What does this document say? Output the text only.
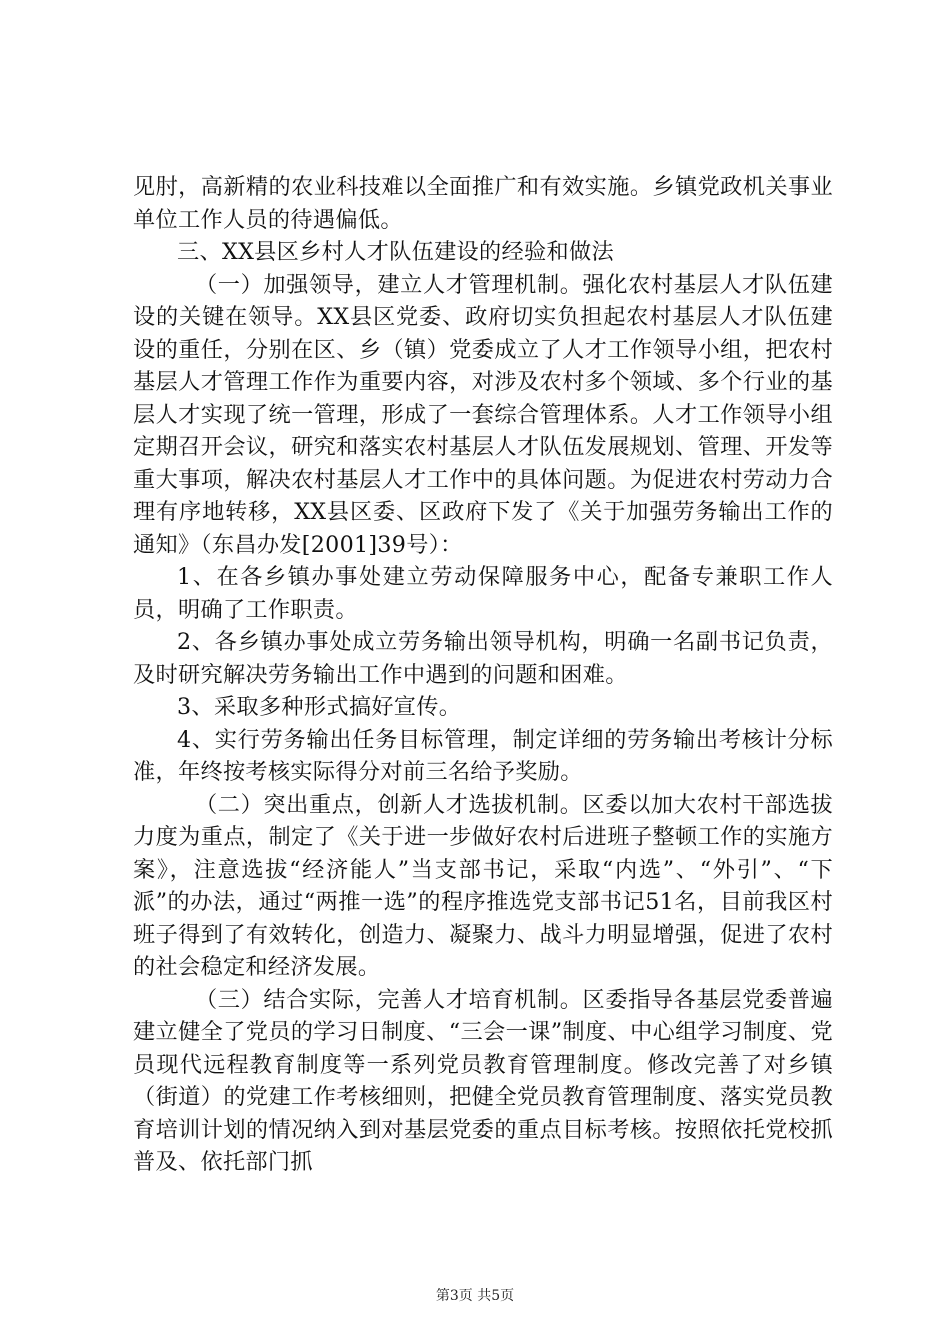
见肘，高新精的农业科技难以全面推广和有效实施。乡镇党政机关事业单位工作人员的待遇偏低。

三、XX县区乡村人才队伍建设的经验和做法

（一）加强领导，建立人才管理机制。强化农村基层人才队伍建设的关键在领导。XX县区党委、政府切实负担起农村基层人才队伍建设的重任，分别在区、乡（镇）党委成立了人才工作领导小组，把农村基层人才管理工作作为重要内容，对涉及农村多个领域、多个行业的基层人才实现了统一管理，形成了一套综合管理体系。人才工作领导小组定期召开会议，研究和落实农村基层人才队伍发展规划、管理、开发等重大事项，解决农村基层人才工作中的具体问题。为促进农村劳动力合理有序地转移，XX县区委、区政府下发了《关于加强劳务输出工作的通知》（东昌办发[2001]39号）：

1、在各乡镇办事处建立劳动保障服务中心，配备专兼职工作人员，明确了工作职责。

2、各乡镇办事处成立劳务输出领导机构，明确一名副书记负责，及时研究解决劳务输出工作中遇到的问题和困难。

3、采取多种形式搞好宣传。

4、实行劳务输出任务目标管理，制定详细的劳务输出考核计分标准，年终按考核实际得分对前三名给予奖励。

（二）突出重点，创新人才选拔机制。区委以加大农村干部选拔力度为重点，制定了《关于进一步做好农村后进班子整顿工作的实施方案》，注意选拔“经济能人”当支部书记，采取“内选”、“外引”、“下派”的办法，通过“两推一选”的程序推选党支部书记51名，目前我区村班子得到了有效转化，创造力、凝聚力、战斗力明显增强，促进了农村的社会稳定和经济发展。

（三）结合实际，完善人才培育机制。区委指导各基层党委普遍建立健全了党员的学习日制度、“三会一课”制度、中心组学习制度、党员现代远程教育制度等一系列党员教育管理制度。修改完善了对乡镇（街道）的党建工作考核细则，把健全党员教育管理制度、落实党员教育培训计划的情况纳入到对基层党委的重点目标考核。按照依托党校抓普及、依托部门抓

第3页 共5页
